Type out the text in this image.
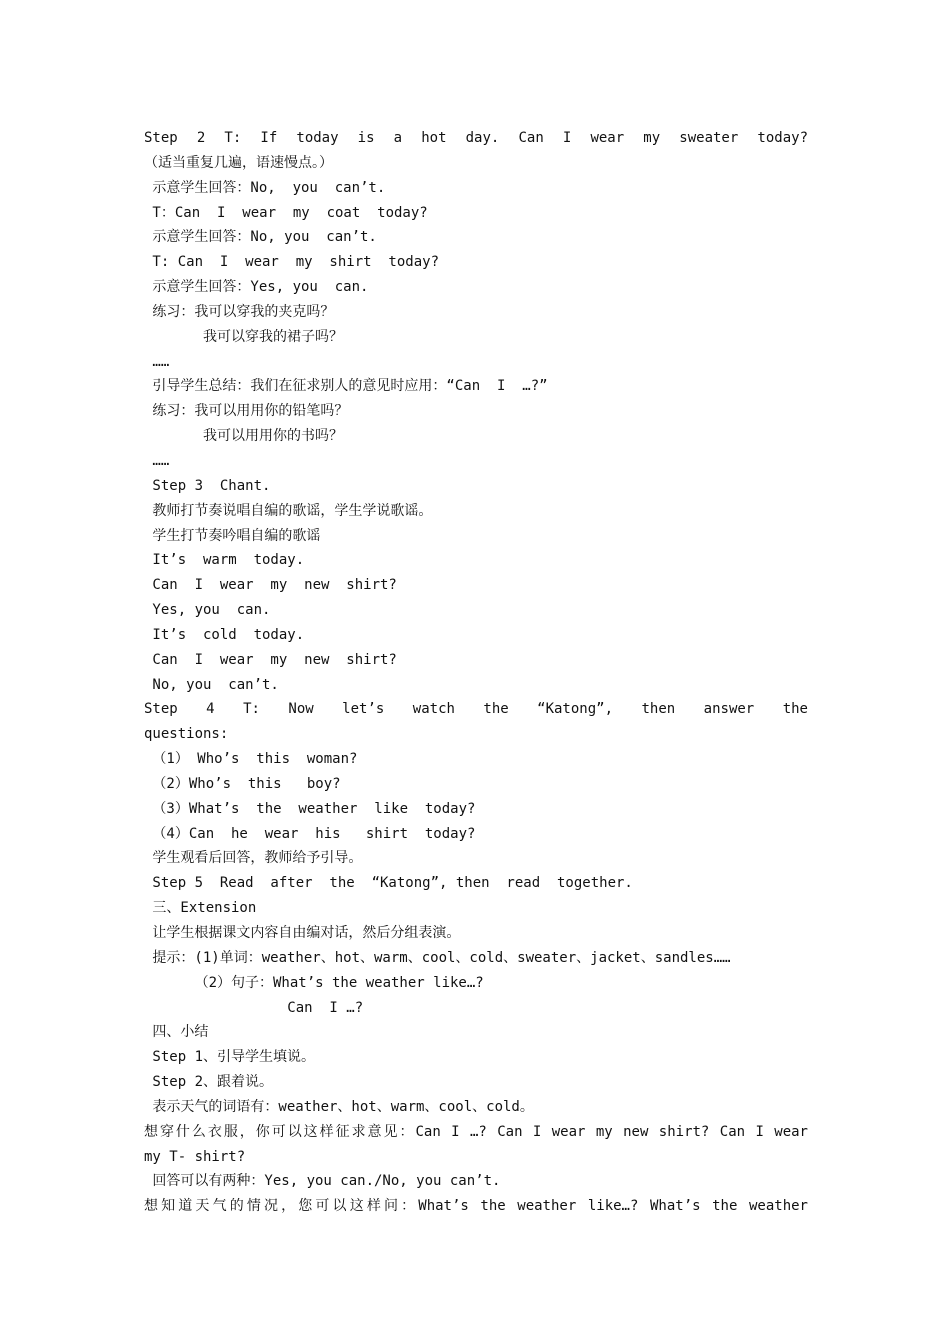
Step 2 T: If today is a hot day. Can I wear my sweater today?
（适当重复几遍，语速慢点。）
示意学生回答：No,  you  can’t.
T：Can  I  wear  my  coat  today?
示意学生回答：No, you  can’t.
T: Can  I  wear  my  shirt  today?
示意学生回答：Yes, you  can.
练习：我可以穿我的夹克吗？
我可以穿我的裙子吗？
……
引导学生总结：我们在征求别人的意见时应用：“Can  I  …?”
练习：我可以用用你的铅笔吗？
我可以用用你的书吗？
……
Step 3  Chant.
教师打节奏说唱自编的歌谣，学生学说歌谣。
学生打节奏吟唱自编的歌谣
It’s  warm  today.
Can  I  wear  my  new  shirt?
Yes, you  can.
It’s  cold  today.
Can  I  wear  my  new  shirt?
No, you  can’t.
Step 4 T: Now let’s watch the “Katong”, then answer the
questions:
（1） Who’s  this  woman?
（2）Who’s  this   boy?
（3）What’s  the  weather  like  today?
（4）Can  he  wear  his   shirt  today?
学生观看后回答，教师给予引导。
Step 5  Read  after  the  “Katong”, then  read  together.
三、Extension
让学生根据课文内容自由编对话，然后分组表演。
提示：(1)单词：weather、hot、warm、cool、cold、sweater、jacket、sandles……
（2）句子：What’s the weather like…?
Can  I …?
四、小结
Step 1、引导学生填说。
Step 2、跟着说。
表示天气的词语有：weather、hot、warm、cool、cold。
想穿什么衣服，你可以这样征求意见：Can I …? Can I wear my new shirt? Can I wear
my T- shirt?
回答可以有两种：Yes, you can./No, you can’t.
想知道天气的情况，您可以这样问：What’s the weather like…? What’s the weather
